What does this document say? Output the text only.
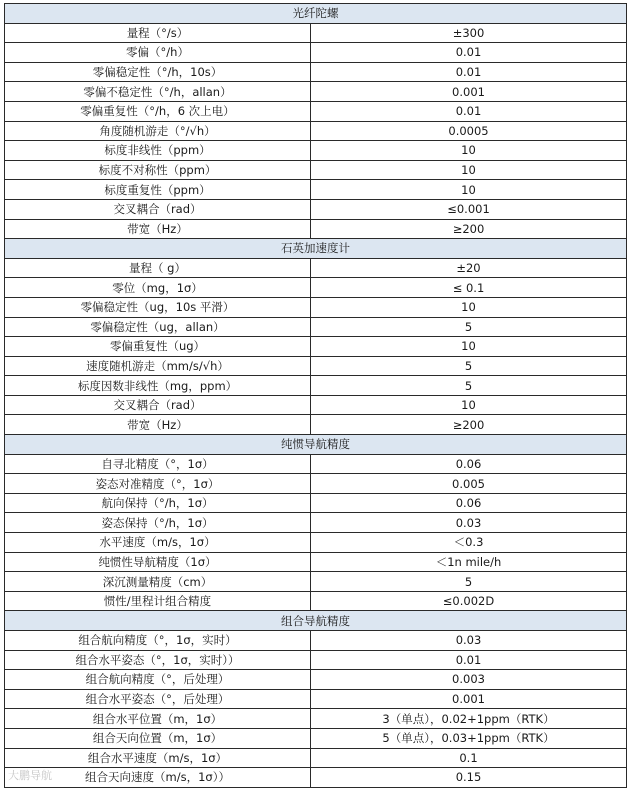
光纤陀螺	
量程（°/s）	±300
零偏（°/h）	0.01
零偏稳定性（°/h，10s）	0.01
零偏不稳定性（°/h，allan）	0.001
零偏重复性（°/h，6 次上电）	0.01
角度随机游走（°/√h）	0.0005
标度非线性（ppm）	10
标度不对称性（ppm）	10
标度重复性（ppm）	10
交叉耦合（rad）	≤0.001
带宽（Hz）	≥200
石英加速度计	
量程（ g）	±20
零位（mg，1σ）	≤ 0.1
零偏稳定性（ug，10s 平滑）	10
零偏稳定性（ug，allan）	5
零偏重复性（ug）	10
速度随机游走（mm/s/√h）	5
标度因数非线性（mg，ppm）	5
交叉耦合（rad）	10
带宽（Hz）	≥200
纯惯导航精度	
自寻北精度（°，1σ）	0.06
姿态对准精度（°，1σ）	0.005
航向保持（°/h，1σ）	0.06
姿态保持（°/h，1σ）	0.03
水平速度（m/s，1σ）	＜0.3
纯惯性导航精度（1σ）	＜1n mile/h
深沉测量精度（cm）	5
惯性/里程计组合精度	≤0.002D
组合导航精度	
组合航向精度（°，1σ，实时）	0.03
组合水平姿态（°，1σ，实时））	0.01
组合航向精度（°，后处理）	0.003
组合水平姿态（°，后处理）	0.001
组合水平位置（m，1σ）	3（单点），0.02+1ppm（RTK）
组合天向位置（m，1σ）	5（单点），0.03+1ppm（RTK）
组合水平速度（m/s，1σ）	0.1
组合天向速度（m/s，1σ））	0.15
大鹏导航
